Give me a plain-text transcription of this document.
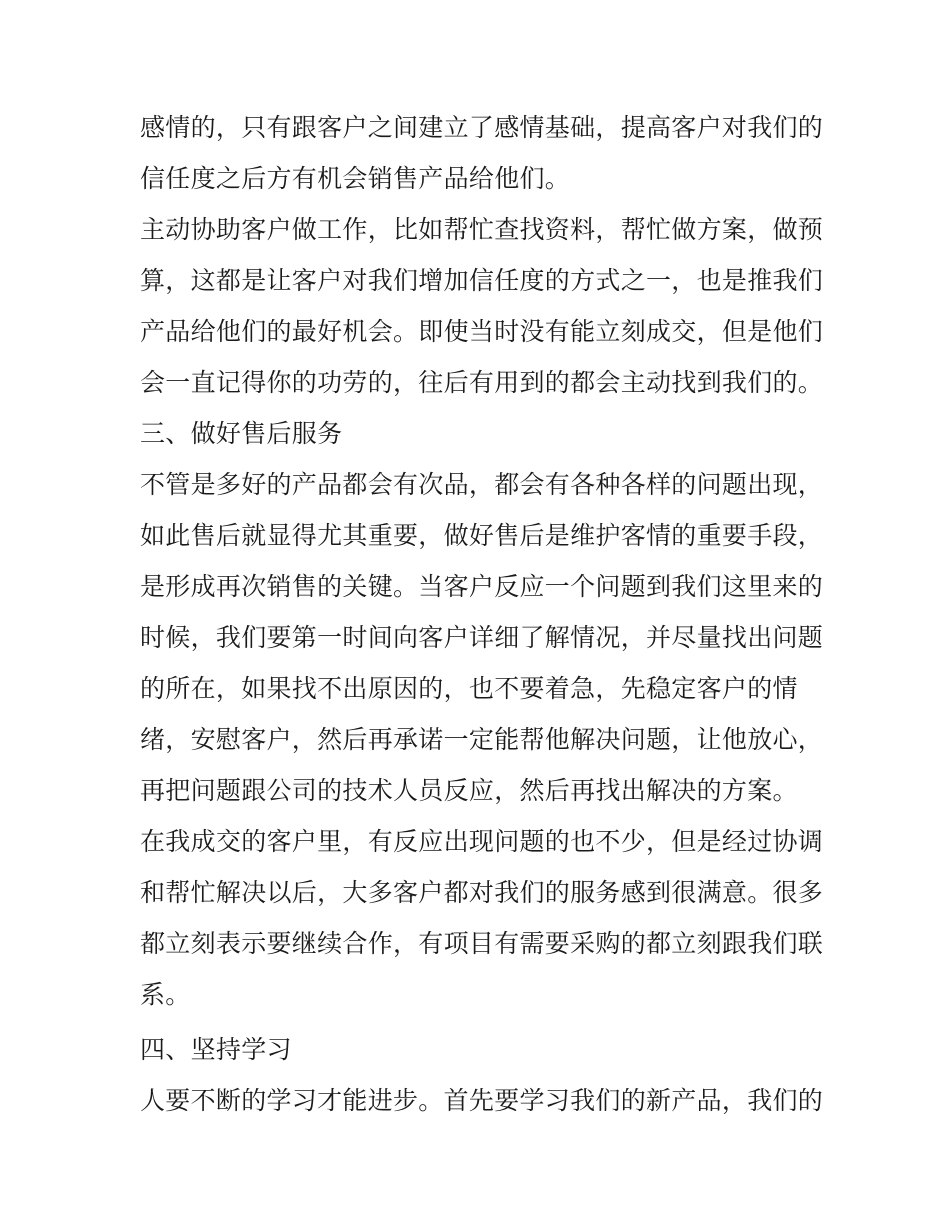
感情的，只有跟客户之间建立了感情基础，提高客户对我们的
信任度之后方有机会销售产品给他们。
主动协助客户做工作，比如帮忙查找资料，帮忙做方案，做预
算，这都是让客户对我们增加信任度的方式之一，也是推我们
产品给他们的最好机会。即使当时没有能立刻成交，但是他们
会一直记得你的功劳的，往后有用到的都会主动找到我们的。
三、做好售后服务
不管是多好的产品都会有次品，都会有各种各样的问题出现，
如此售后就显得尤其重要，做好售后是维护客情的重要手段，
是形成再次销售的关键。当客户反应一个问题到我们这里来的
时候，我们要第一时间向客户详细了解情况，并尽量找出问题
的所在，如果找不出原因的，也不要着急，先稳定客户的情
绪，安慰客户，然后再承诺一定能帮他解决问题，让他放心，
再把问题跟公司的技术人员反应，然后再找出解决的方案。
在我成交的客户里，有反应出现问题的也不少，但是经过协调
和帮忙解决以后，大多客户都对我们的服务感到很满意。很多
都立刻表示要继续合作，有项目有需要采购的都立刻跟我们联
系。
四、坚持学习
人要不断的学习才能进步。首先要学习我们的新产品，我们的
